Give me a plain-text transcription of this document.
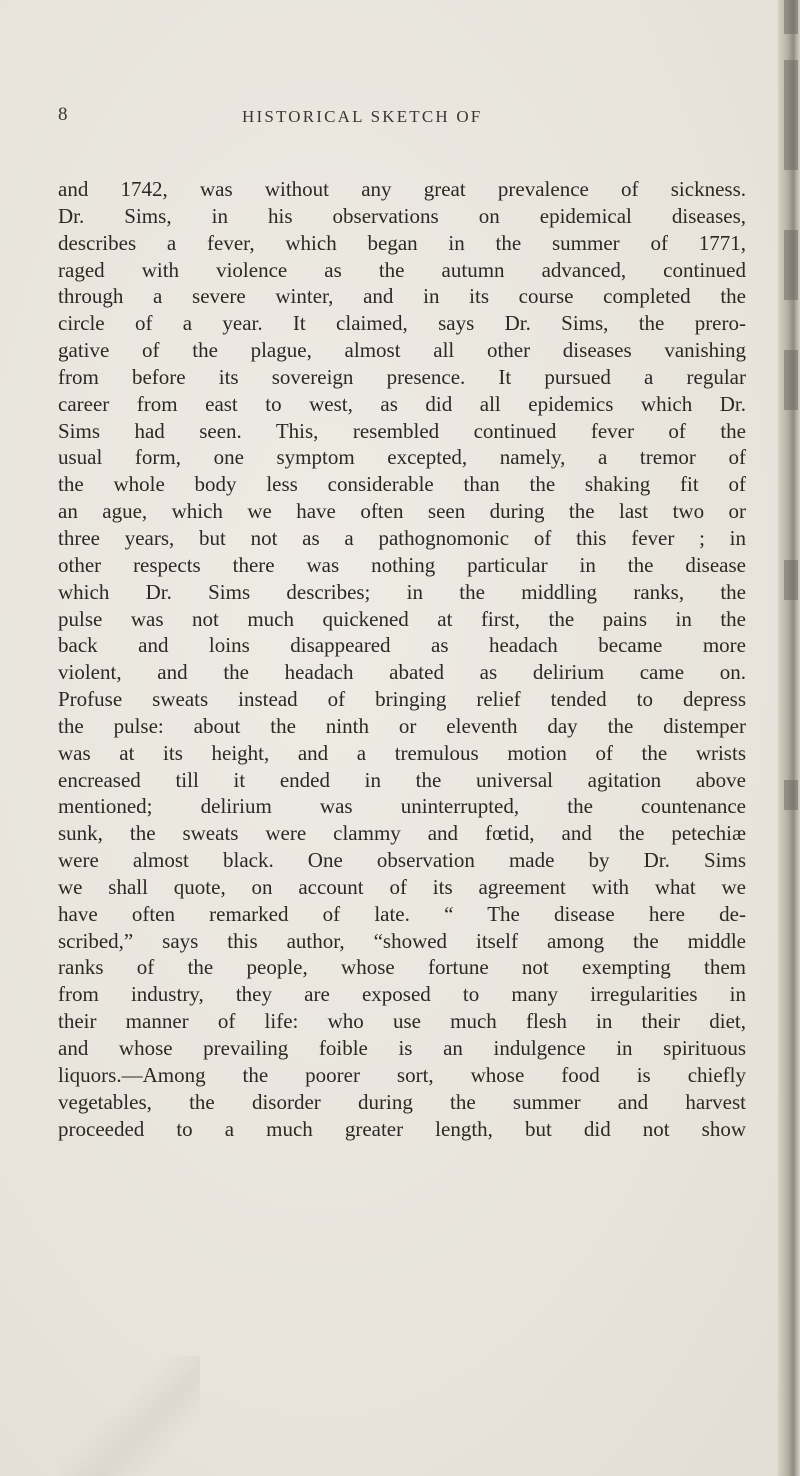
8	HISTORICAL SKETCH OF
and 1742, was without any great prevalence of sickness.
Dr. Sims, in his observations on epidemical diseases,
describes a fever, which began in the summer of 1771,
raged with violence as the autumn advanced, continued
through a severe winter, and in its course completed the
circle of a year. It claimed, says Dr. Sims, the prero-
gative of the plague, almost all other diseases vanishing
from before its sovereign presence. It pursued a regular
career from east to west, as did all epidemics which Dr.
Sims had seen. This, resembled continued fever of the
usual form, one symptom excepted, namely, a tremor of
the whole body less considerable than the shaking fit of
an ague, which we have often seen during the last two or
three years, but not as a pathognomonic of this fever ; in
other respects there was nothing particular in the disease
which Dr. Sims describes; in the middling ranks, the
pulse was not much quickened at first, the pains in the
back and loins disappeared as headach became more
violent, and the headach abated as delirium came on.
Profuse sweats instead of bringing relief tended to depress
the pulse: about the ninth or eleventh day the distemper
was at its height, and a tremulous motion of the wrists
encreased till it ended in the universal agitation above
mentioned; delirium was uninterrupted, the countenance
sunk, the sweats were clammy and fœtid, and the petechiæ
were almost black. One observation made by Dr. Sims
we shall quote, on account of its agreement with what we
have often remarked of late. “ The disease here de-
scribed,” says this author, “showed itself among the middle
ranks of the people, whose fortune not exempting them
from industry, they are exposed to many irregularities in
their manner of life: who use much flesh in their diet,
and whose prevailing foible is an indulgence in spirituous
liquors.—Among the poorer sort, whose food is chiefly
vegetables, the disorder during the summer and harvest
proceeded to a much greater length, but did not show
